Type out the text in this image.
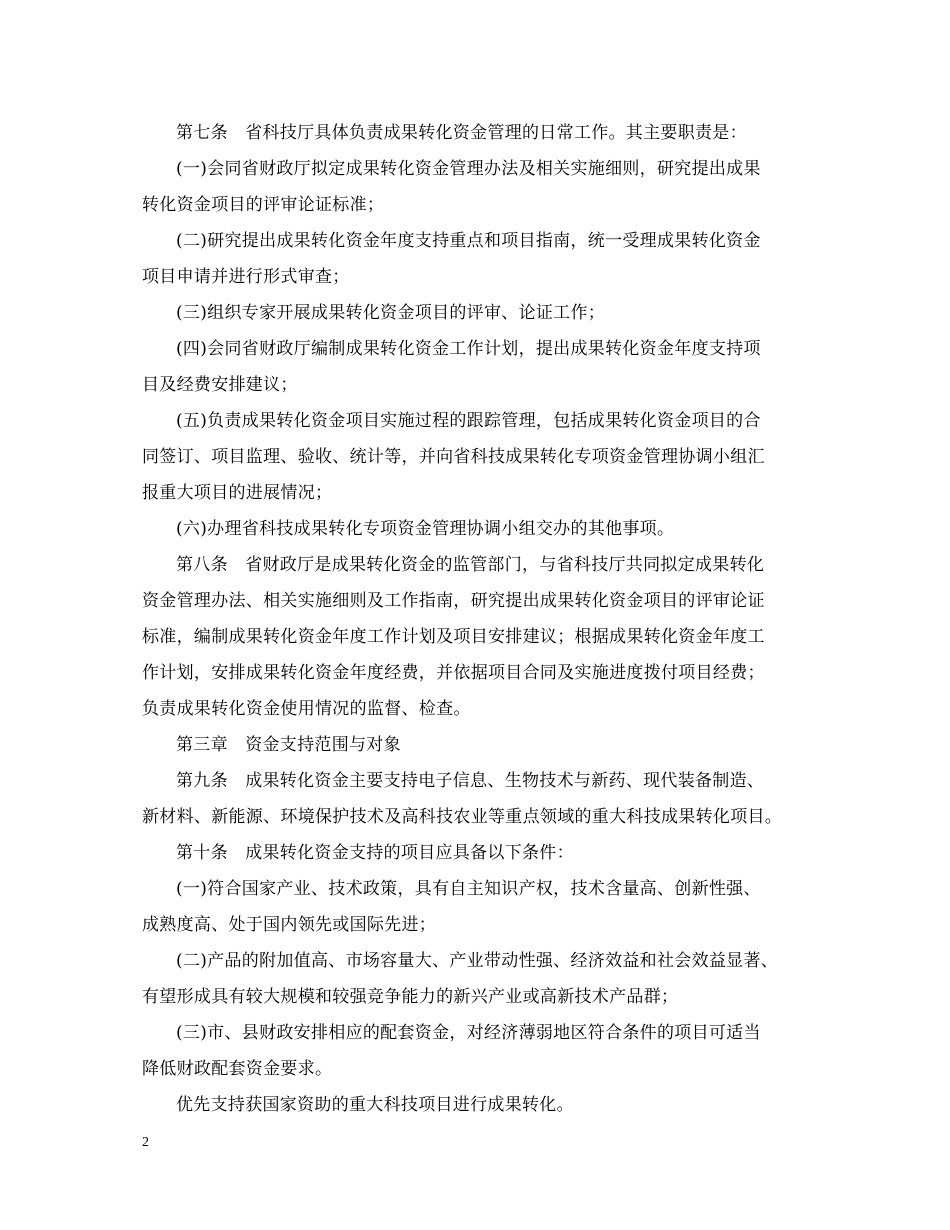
第七条　省科技厅具体负责成果转化资金管理的日常工作。其主要职责是：
(一)会同省财政厅拟定成果转化资金管理办法及相关实施细则，研究提出成果
转化资金项目的评审论证标准；
(二)研究提出成果转化资金年度支持重点和项目指南，统一受理成果转化资金
项目申请并进行形式审查；
(三)组织专家开展成果转化资金项目的评审、论证工作；
(四)会同省财政厅编制成果转化资金工作计划，提出成果转化资金年度支持项
目及经费安排建议；
(五)负责成果转化资金项目实施过程的跟踪管理，包括成果转化资金项目的合
同签订、项目监理、验收、统计等，并向省科技成果转化专项资金管理协调小组汇
报重大项目的进展情况；
(六)办理省科技成果转化专项资金管理协调小组交办的其他事项。
第八条　省财政厅是成果转化资金的监管部门，与省科技厅共同拟定成果转化
资金管理办法、相关实施细则及工作指南，研究提出成果转化资金项目的评审论证
标准，编制成果转化资金年度工作计划及项目安排建议；根据成果转化资金年度工
作计划，安排成果转化资金年度经费，并依据项目合同及实施进度拨付项目经费；
负责成果转化资金使用情况的监督、检查。
第三章　资金支持范围与对象
第九条　成果转化资金主要支持电子信息、生物技术与新药、现代装备制造、
新材料、新能源、环境保护技术及高科技农业等重点领域的重大科技成果转化项目。
第十条　成果转化资金支持的项目应具备以下条件：
(一)符合国家产业、技术政策，具有自主知识产权，技术含量高、创新性强、
成熟度高、处于国内领先或国际先进；
(二)产品的附加值高、市场容量大、产业带动性强、经济效益和社会效益显著、
有望形成具有较大规模和较强竞争能力的新兴产业或高新技术产品群；
(三)市、县财政安排相应的配套资金，对经济薄弱地区符合条件的项目可适当
降低财政配套资金要求。
优先支持获国家资助的重大科技项目进行成果转化。
2
